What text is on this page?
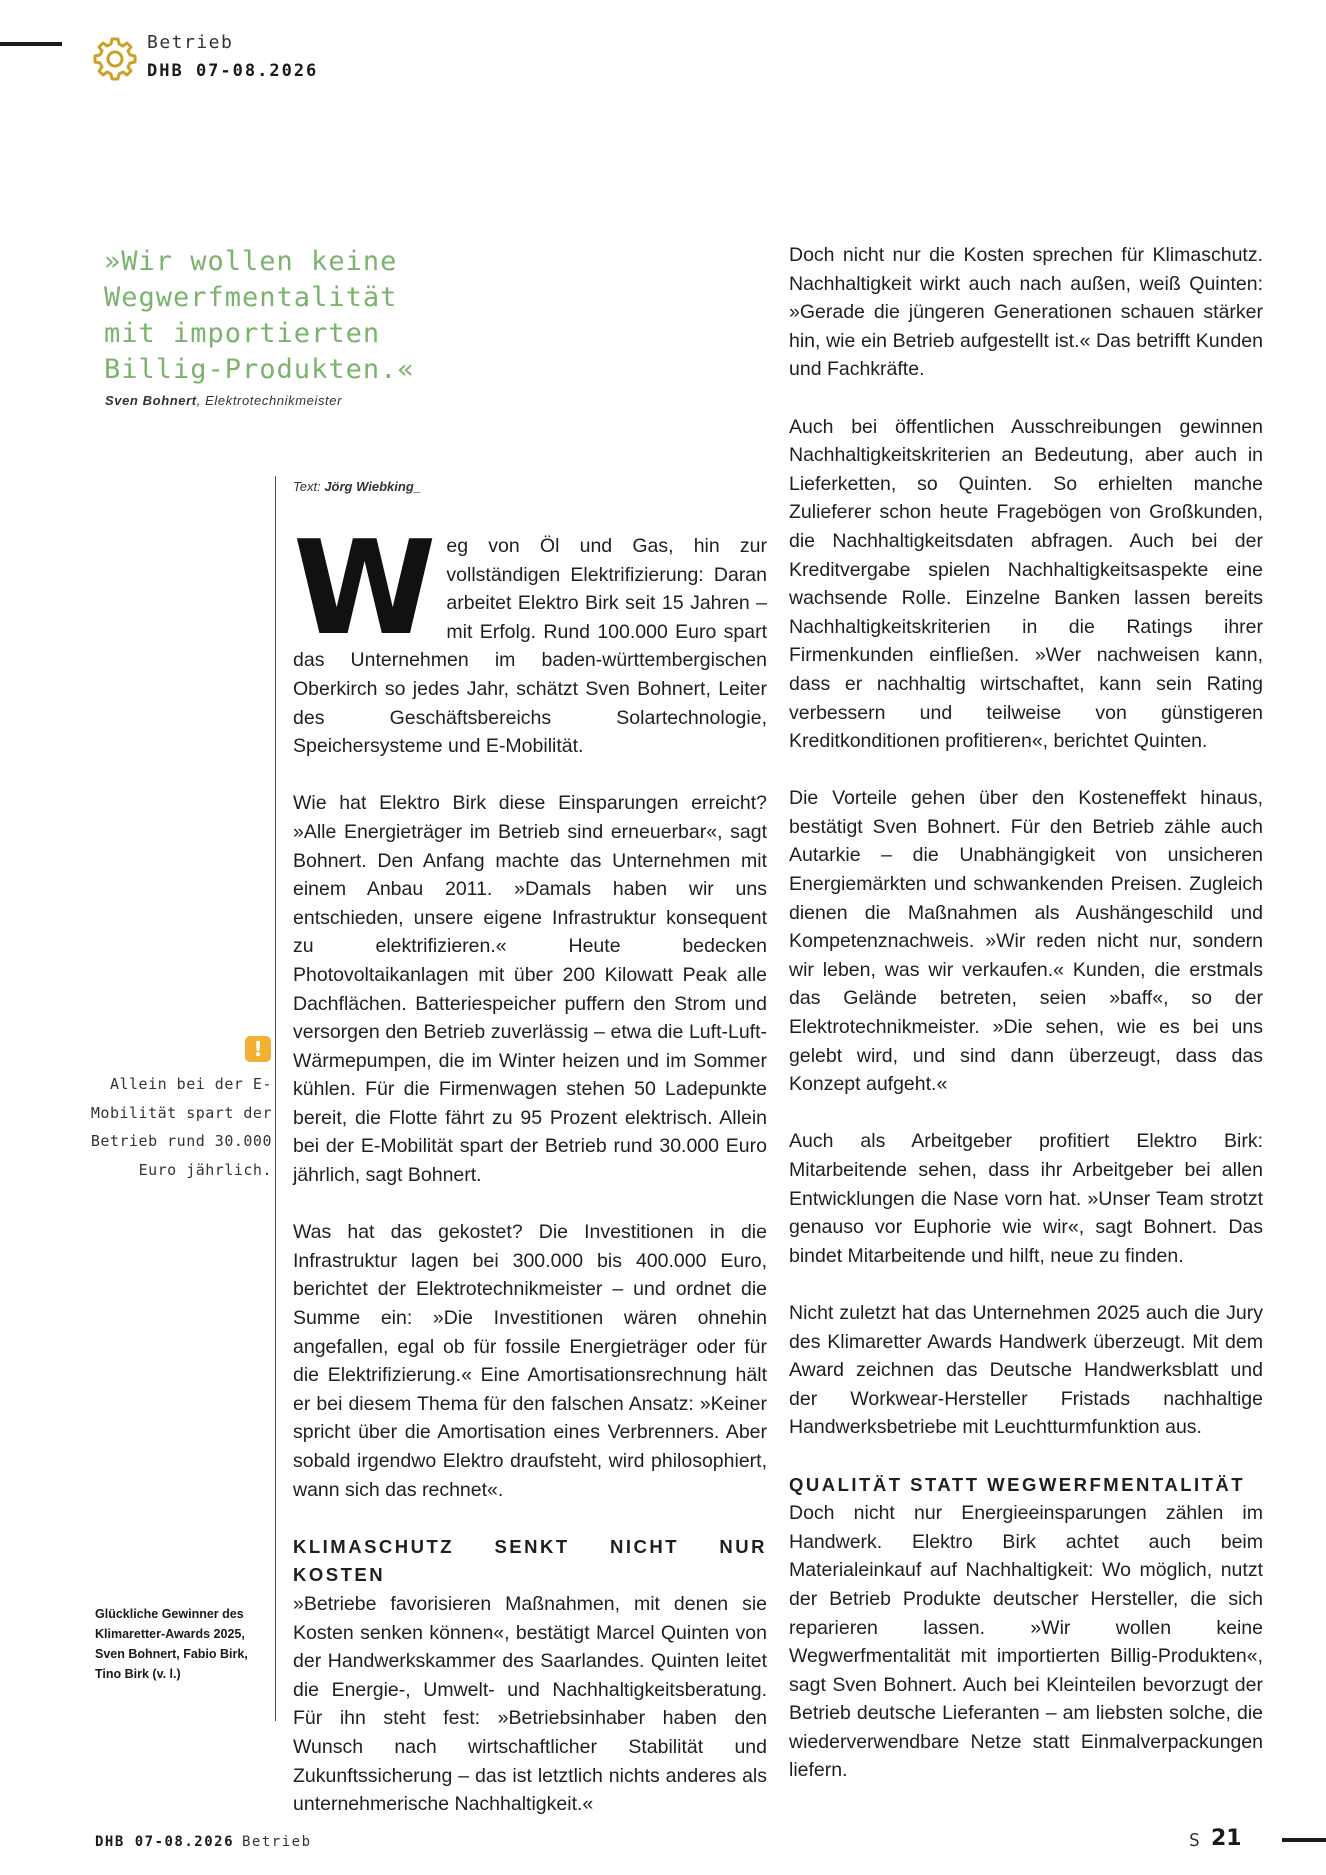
Betrieb
DHB 07-08.2026
»Wir wollen keine Wegwerfmentalität mit importierten Billig-Produkten.«
Sven Bohnert, Elektrotechnikmeister
Text: Jörg Wiebking_

Weg von Öl und Gas, hin zur vollständigen Elektrifizierung: Daran arbeitet Elektro Birk seit 15 Jahren – mit Erfolg. Rund 100.000 Euro spart das Unternehmen im baden-württembergischen Oberkirch so jedes Jahr, schätzt Sven Bohnert, Leiter des Geschäftsbereichs Solartechnologie, Speichersysteme und E-Mobilität.

Wie hat Elektro Birk diese Einsparungen erreicht? »Alle Energieträger im Betrieb sind erneuerbar«, sagt Bohnert. Den Anfang machte das Unternehmen mit einem Anbau 2011. »Damals haben wir uns entschieden, unsere eigene Infrastruktur konsequent zu elektrifizieren.« Heute bedecken Photovoltaikanlagen mit über 200 Kilowatt Peak alle Dachflächen. Batteriespeicher puffern den Strom und versorgen den Betrieb zuverlässig – etwa die Luft-Luft-Wärmepumpen, die im Winter heizen und im Sommer kühlen. Für die Firmenwagen stehen 50 Ladepunkte bereit, die Flotte fährt zu 95 Prozent elektrisch. Allein bei der E-Mobilität spart der Betrieb rund 30.000 Euro jährlich, sagt Bohnert.

Was hat das gekostet? Die Investitionen in die Infrastruktur lagen bei 300.000 bis 400.000 Euro, berichtet der Elektrotechnikmeister – und ordnet die Summe ein: »Die Investitionen wären ohnehin angefallen, egal ob für fossile Energieträger oder für die Elektrifizierung.« Eine Amortisationsrechnung hält er bei diesem Thema für den falschen Ansatz: »Keiner spricht über die Amortisation eines Verbrenners. Aber sobald irgendwo Elektro draufsteht, wird philosophiert, wann sich das rechnet«.

KLIMASCHUTZ SENKT NICHT NUR KOSTEN

»Betriebe favorisieren Maßnahmen, mit denen sie Kosten senken können«, bestätigt Marcel Quinten von der Handwerkskammer des Saarlandes. Quinten leitet die Energie-, Umwelt- und Nachhaltigkeitsberatung. Für ihn steht fest: »Betriebsinhaber haben den Wunsch nach wirtschaftlicher Stabilität und Zukunftssicherung – das ist letztlich nichts anderes als unternehmerische Nachhaltigkeit.«

Doch nicht nur die Kosten sprechen für Klimaschutz. Nachhaltigkeit wirkt auch nach außen, weiß Quinten: »Gerade die jüngeren Generationen schauen stärker hin, wie ein Betrieb aufgestellt ist.« Das betrifft Kunden und Fachkräfte.

Auch bei öffentlichen Ausschreibungen gewinnen Nachhaltigkeitskriterien an Bedeutung, aber auch in Lieferketten, so Quinten. So erhielten manche Zulieferer schon heute Fragebögen von Großkunden, die Nachhaltigkeitsdaten abfragen. Auch bei der Kreditvergabe spielen Nachhaltigkeitsaspekte eine wachsende Rolle. Einzelne Banken lassen bereits Nachhaltigkeitskriterien in die Ratings ihrer Firmenkunden einfließen. »Wer nachweisen kann, dass er nachhaltig wirtschaftet, kann sein Rating verbessern und teilweise von günstigeren Kreditkonditionen profitieren«, berichtet Quinten.

Die Vorteile gehen über den Kosteneffekt hinaus, bestätigt Sven Bohnert. Für den Betrieb zähle auch Autarkie – die Unabhängigkeit von unsicheren Energiemärkten und schwankenden Preisen. Zugleich dienen die Maßnahmen als Aushängeschild und Kompetenznachweis. »Wir reden nicht nur, sondern wir leben, was wir verkaufen.« Kunden, die erstmals das Gelände betreten, seien »baff«, so der Elektrotechnikmeister. »Die sehen, wie es bei uns gelebt wird, und sind dann überzeugt, dass das Konzept aufgeht.«

Auch als Arbeitgeber profitiert Elektro Birk: Mitarbeitende sehen, dass ihr Arbeitgeber bei allen Entwicklungen die Nase vorn hat. »Unser Team strotzt genauso vor Euphorie wie wir«, sagt Bohnert. Das bindet Mitarbeitende und hilft, neue zu finden.

Nicht zuletzt hat das Unternehmen 2025 auch die Jury des Klimaretter Awards Handwerk überzeugt. Mit dem Award zeichnen das Deutsche Handwerksblatt und der Workwear-Hersteller Fristads nachhaltige Handwerksbetriebe mit Leuchtturmfunktion aus.

QUALITÄT STATT WEGWERFMENTALITÄT

Doch nicht nur Energieeinsparungen zählen im Handwerk. Elektro Birk achtet auch beim Materialeinkauf auf Nachhaltigkeit: Wo möglich, nutzt der Betrieb Produkte deutscher Hersteller, die sich reparieren lassen. »Wir wollen keine Wegwerfmentalität mit importierten Billig-Produkten«, sagt Sven Bohnert. Auch bei Kleinteilen bevorzugt der Betrieb deutsche Lieferanten – am liebsten solche, die wiederverwendbare Netze statt Einmalverpackungen liefern.

!
Allein bei der E-Mobilität spart der Betrieb rund 30.000 Euro jährlich.
Glückliche Gewinner des Klimaretter-Awards 2025, Sven Bohnert, Fabio Birk, Tino Birk (v. l.)
DHB 07-08.2026 Betrieb	S 21
